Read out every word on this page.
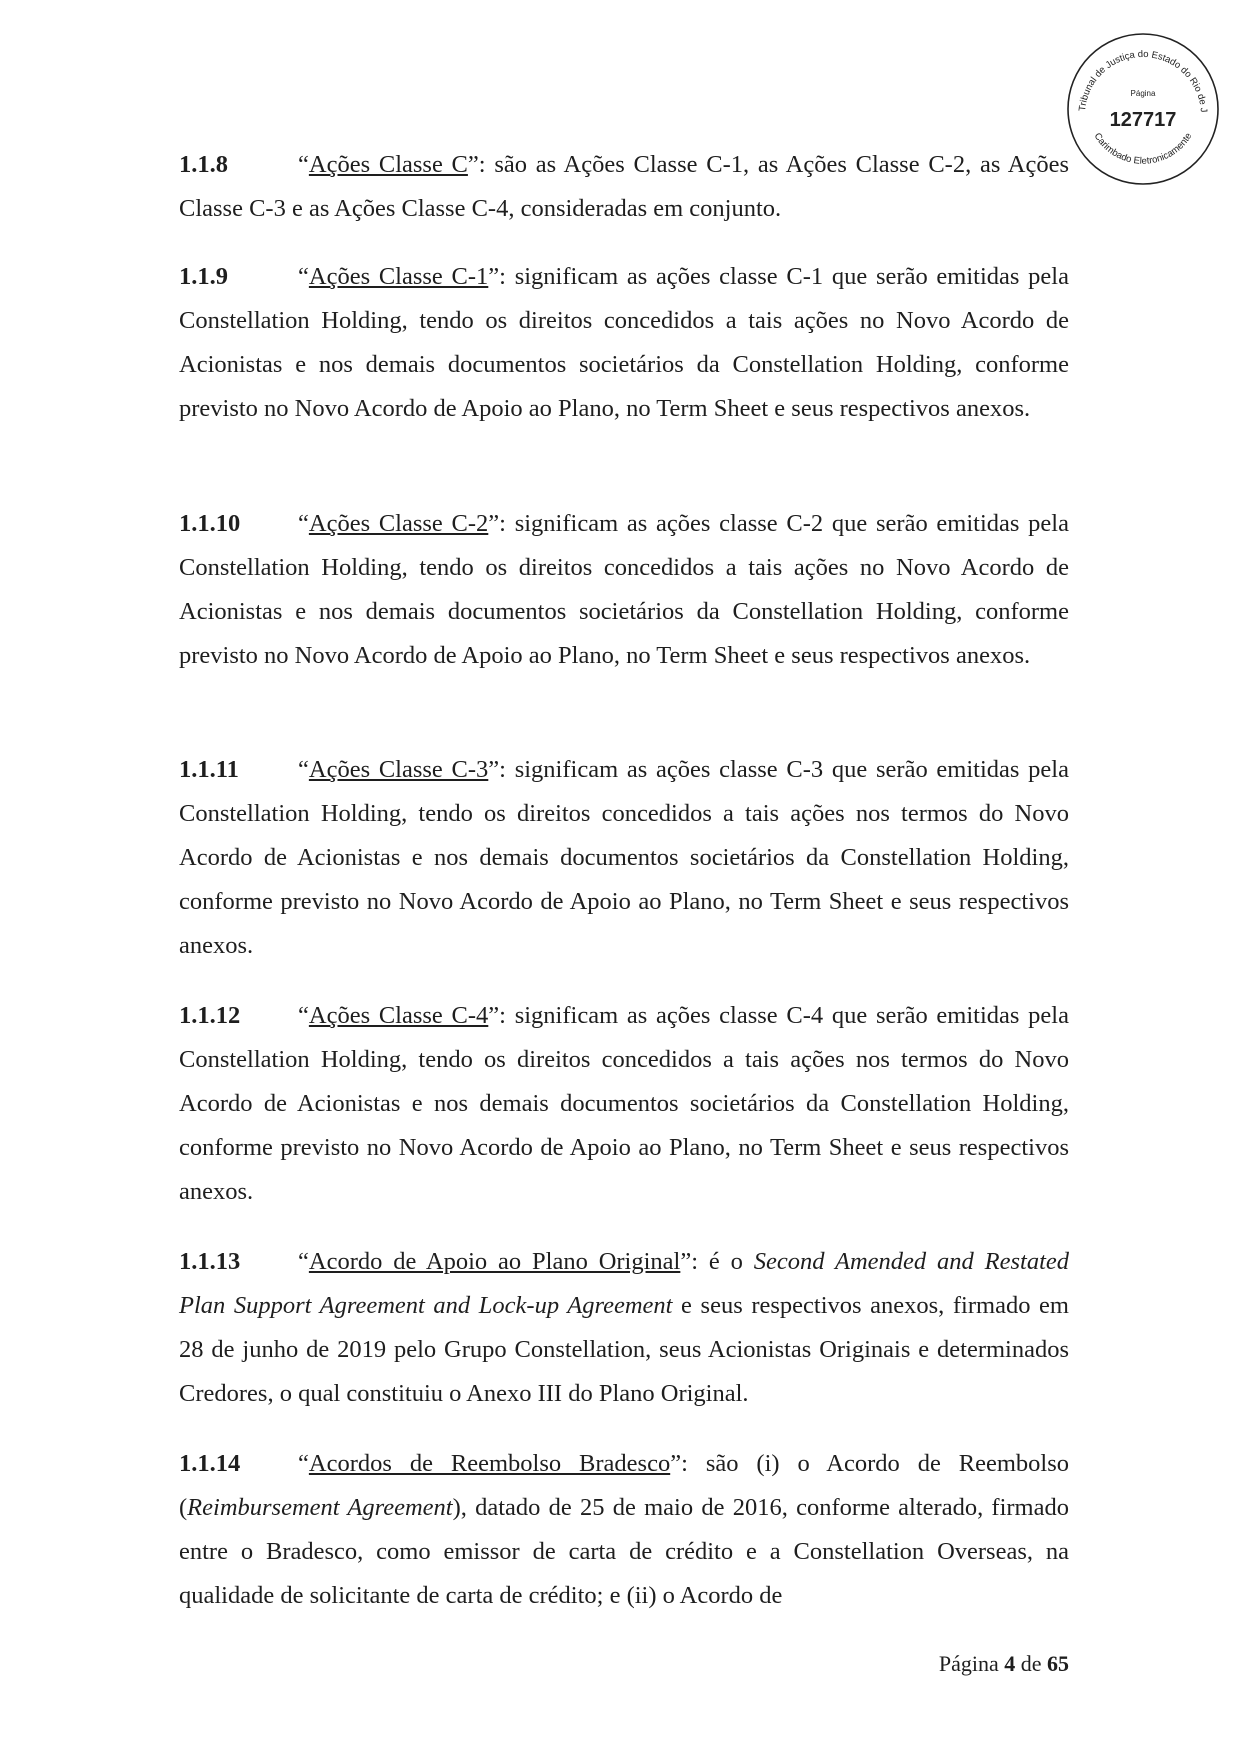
Tribunal de Justiça do Estado do Rio de J
Carimbado Eletronicamente
Página
127717
1.1.8	“Ações Classe C”: são as Ações Classe C-1, as Ações Classe C-2, as Ações Classe C-3 e as Ações Classe C-4, consideradas em conjunto.
1.1.9	“Ações Classe C-1”: significam as ações classe C-1 que serão emitidas pela Constellation Holding, tendo os direitos concedidos a tais ações no Novo Acordo de Acionistas e nos demais documentos societários da Constellation Holding, conforme previsto no Novo Acordo de Apoio ao Plano, no Term Sheet e seus respectivos anexos.
1.1.10 “Ações Classe C-2”: significam as ações classe C-2 que serão emitidas pela Constellation Holding, tendo os direitos concedidos a tais ações no Novo Acordo de Acionistas e nos demais documentos societários da Constellation Holding, conforme previsto no Novo Acordo de Apoio ao Plano, no Term Sheet e seus respectivos anexos.
1.1.11 “Ações Classe C-3”: significam as ações classe C-3 que serão emitidas pela Constellation Holding, tendo os direitos concedidos a tais ações nos termos do Novo Acordo de Acionistas e nos demais documentos societários da Constellation Holding, conforme previsto no Novo Acordo de Apoio ao Plano, no Term Sheet e seus respectivos anexos.
1.1.12 “Ações Classe C-4”: significam as ações classe C-4 que serão emitidas pela Constellation Holding, tendo os direitos concedidos a tais ações nos termos do Novo Acordo de Acionistas e nos demais documentos societários da Constellation Holding, conforme previsto no Novo Acordo de Apoio ao Plano, no Term Sheet e seus respectivos anexos.
1.1.13 “Acordo de Apoio ao Plano Original”: é o Second Amended and Restated Plan Support Agreement and Lock-up Agreement e seus respectivos anexos, firmado em 28 de junho de 2019 pelo Grupo Constellation, seus Acionistas Originais e determinados Credores, o qual constituiu o Anexo III do Plano Original.
1.1.14 “Acordos de Reembolso Bradesco”: são (i) o Acordo de Reembolso (Reimbursement Agreement), datado de 25 de maio de 2016, conforme alterado, firmado entre o Bradesco, como emissor de carta de crédito e a Constellation Overseas, na qualidade de solicitante de carta de crédito; e (ii) o Acordo de
Página 4 de 65
